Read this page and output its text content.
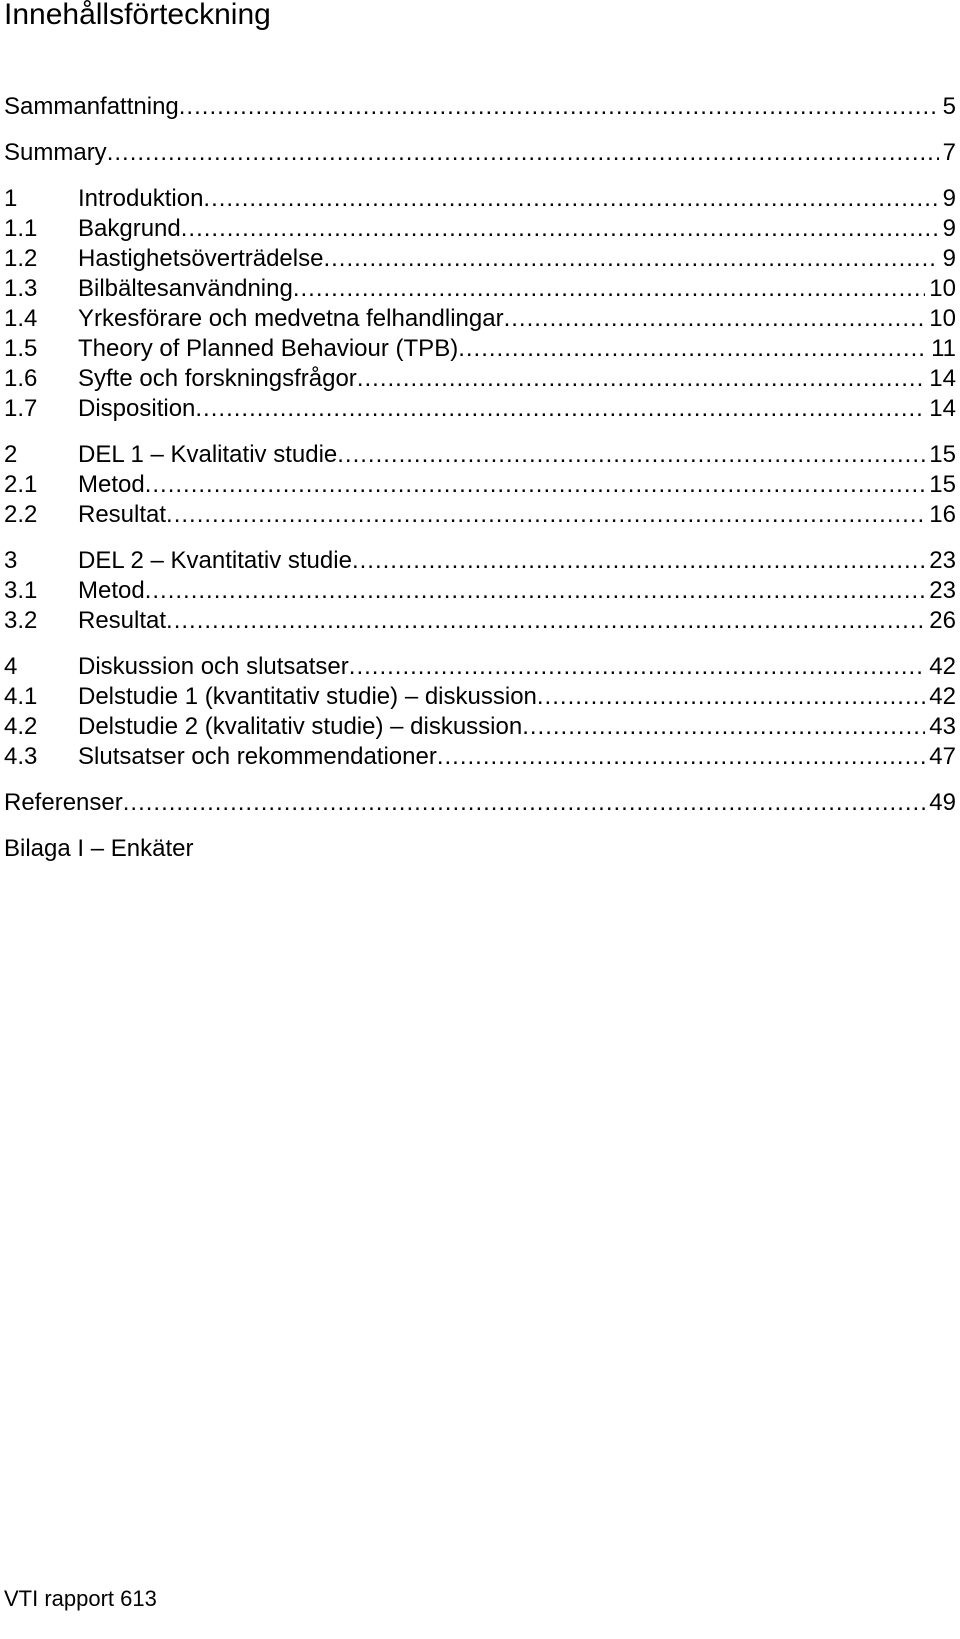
Innehållsförteckning
Sammanfattning .....	5
Summary .....	7
1	Introduktion .....	9
1.1 Bakgrund .....	9
1.2 Hastighetsöverträdelse .....	9
1.3 Bilbältesanvändning .....	10
1.4 Yrkesförare och medvetna felhandlingar .....	10
1.5 Theory of Planned Behaviour (TPB) .....	11
1.6 Syfte och forskningsfrågor .....	14
1.7 Disposition .....	14
2	DEL 1 – Kvalitativ studie .....	15
2.1 Metod .....	15
2.2 Resultat .....	16
3	DEL 2 – Kvantitativ studie .....	23
3.1 Metod .....	23
3.2 Resultat .....	26
4	Diskussion och slutsatser .....	42
4.1 Delstudie 1 (kvantitativ studie) – diskussion .....	42
4.2 Delstudie 2 (kvalitativ studie) – diskussion .....	43
4.3 Slutsatser och rekommendationer .....	47
Referenser .....	49
Bilaga I – Enkäter
VTI rapport 613
